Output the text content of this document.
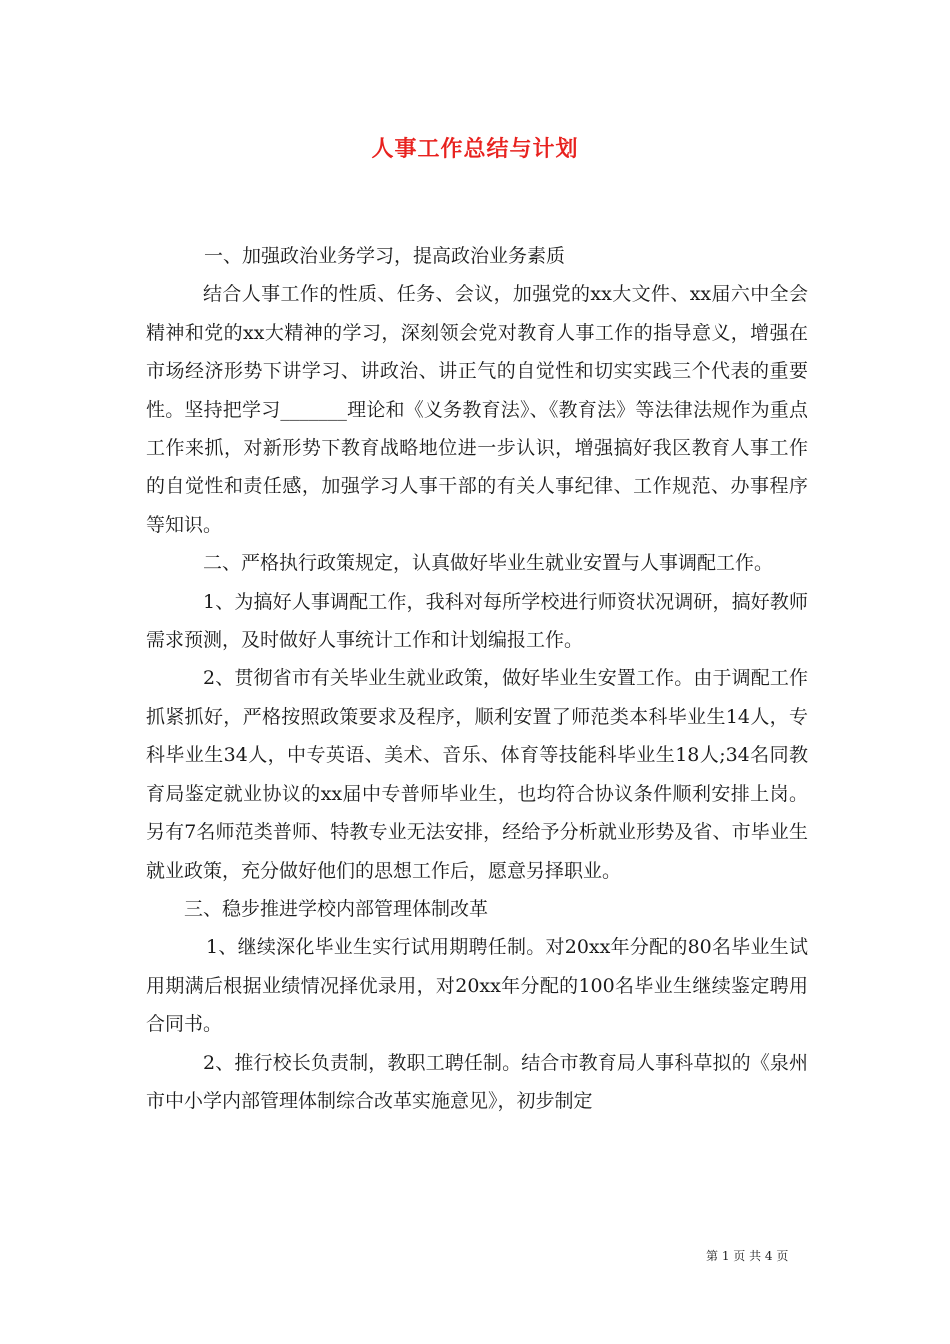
人事工作总结与计划

一、加强政治业务学习，提高政治业务素质

结合人事工作的性质、任务、会议，加强党的xx大文件、xx届六中全会精神和党的xx大精神的学习，深刻领会党对教育人事工作的指导意义，增强在市场经济形势下讲学习、讲政治、讲正气的自觉性和切实实践三个代表的重要性。坚持把学习_______理论和《义务教育法》、《教育法》等法律法规作为重点工作来抓，对新形势下教育战略地位进一步认识，增强搞好我区教育人事工作的自觉性和责任感，加强学习人事干部的有关人事纪律、工作规范、办事程序等知识。

二、严格执行政策规定，认真做好毕业生就业安置与人事调配工作。

1、为搞好人事调配工作，我科对每所学校进行师资状况调研，搞好教师需求预测，及时做好人事统计工作和计划编报工作。

2、贯彻省市有关毕业生就业政策，做好毕业生安置工作。由于调配工作抓紧抓好，严格按照政策要求及程序，顺利安置了师范类本科毕业生14人，专科毕业生34人，中专英语、美术、音乐、体育等技能科毕业生18人;34名同教育局鉴定就业协议的xx届中专普师毕业生，也均符合协议条件顺利安排上岗。另有7名师范类普师、特教专业无法安排，经给予分析就业形势及省、市毕业生就业政策，充分做好他们的思想工作后，愿意另择职业。

三、稳步推进学校内部管理体制改革

1、继续深化毕业生实行试用期聘任制。对20xx年分配的80名毕业生试用期满后根据业绩情况择优录用，对20xx年分配的100名毕业生继续鉴定聘用合同书。

2、推行校长负责制，教职工聘任制。结合市教育局人事科草拟的《泉州市中小学内部管理体制综合改革实施意见》，初步制定

第 1 页 共 4 页
